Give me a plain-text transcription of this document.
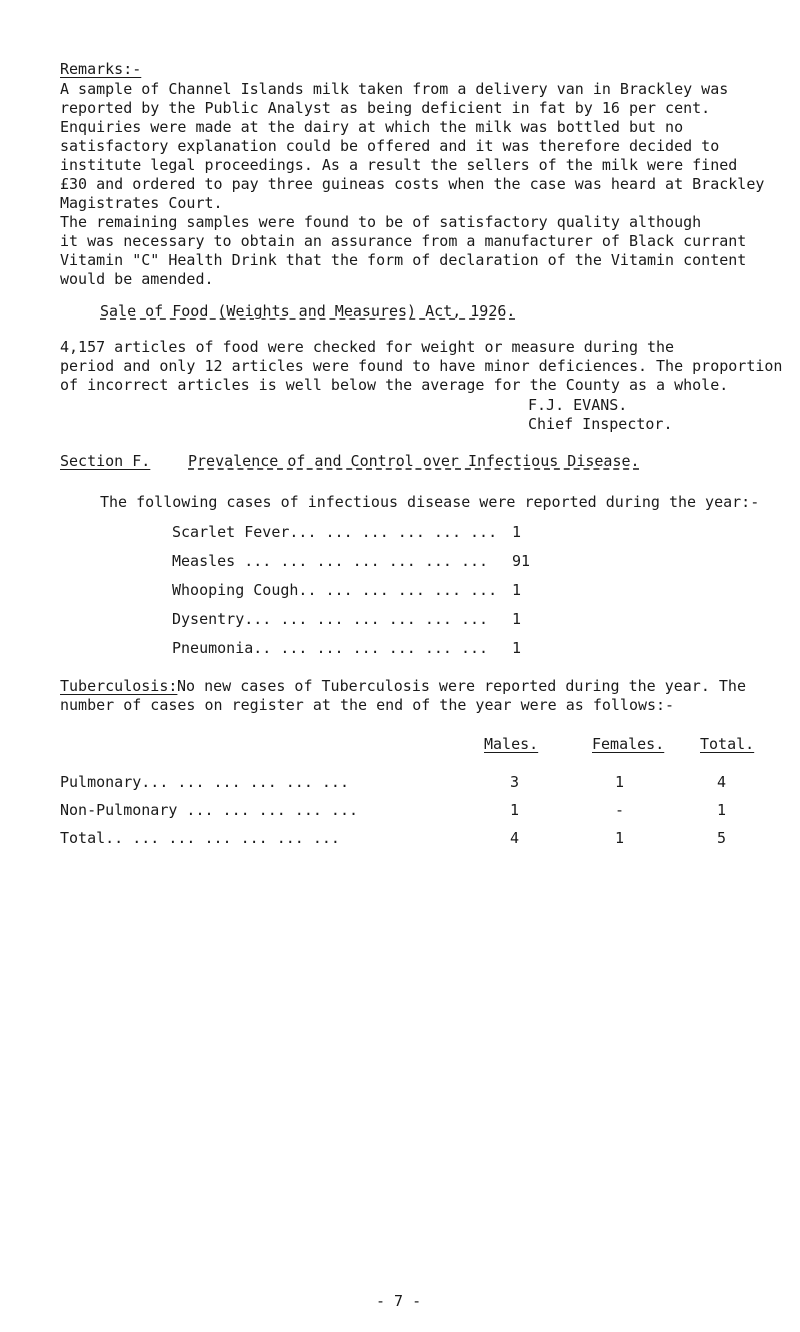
Remarks:-
A sample of Channel Islands milk taken from a delivery van in Brackley was
reported by the Public Analyst as being deficient in fat by 16 per cent.
Enquiries were made at the dairy at which the milk was bottled but no
satisfactory explanation could be offered and it was therefore decided to
institute legal proceedings. As a result the sellers of the milk were fined
£30 and ordered to pay three guineas costs when the case was heard at Brackley
Magistrates Court.
The remaining samples were found to be of satisfactory quality although
it was necessary to obtain an assurance from a manufacturer of Black currant
Vitamin "C" Health Drink that the form of declaration of the Vitamin content
would be amended.
Sale of Food (Weights and Measures) Act, 1926.
4,157 articles of food were checked for weight or measure during the
period and only 12 articles were found to have minor deficiences. The proportion
of incorrect articles is well below the average for the County as a whole.
F.J. EVANS.
Chief Inspector.
Section F.	Prevalence of and Control over Infectious Disease.
The following cases of infectious disease were reported during the year:-
Scarlet Fever... ... ... ... ... ... 1
Measles ... ... ... ... ... ... ... 91
Whooping Cough.. ... ... ... ... ... 1
Dysentry... ... ... ... ... ... ... 1
Pneumonia.. ... ... ... ... ... ... 1
Tuberculosis:
No new cases of Tuberculosis were reported during the year. The
number of cases on register at the end of the year were as follows:-
Males.	Females. Total.
Pulmonary... ... ... ... ... ...	3	1	4
Non-Pulmonary ... ... ... ... ...	1	-	1
Total.. ... ... ... ... ... ...	4	1	5
- 7 -
